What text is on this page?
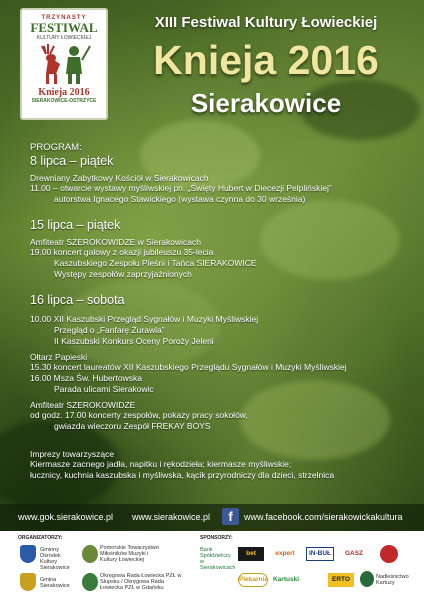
TRZYNASTY
FESTIWAL
KULTURY ŁOWIECKIEJ
Knieja 2016
SIERAKOWICE-OSTRZYCE
XIII Festiwal Kultury Łowieckiej
Knieja 2016
Sierakowice
PROGRAM:
8 lipca – piątek
Drewniany Zabytkowy Kościół w Sierakowicach
11.00 – otwarcie wystawy myśliwskiej pn. „Święty Hubert w Diecezji Pelplińskiej”
autorstwa Ignacego Stawickiego (wystawa czynna do 30 września)
15 lipca – piątek
Amfiteatr SZEROKOWIDZE w Sierakowicach
19.00 koncert galowy z okazji jubileuszu 35-lecia
Kaszubskiego Zespołu Pieśni i Tańca SIERAKOWICE
Występy zespołów zaprzyjaźnionych
16 lipca – sobota
10.00 XII Kaszubski Przegląd Sygnałów i Muzyki Myśliwskiej
Przegląd o „Fanfarę Żurawia”
II Kaszubski Konkurs Oceny Poroży Jeleni
Ołtarz Papieski
15.30 koncert laureatów XII Kaszubskiego Przeglądu Sygnałów i Muzyki Myśliwskiej
16.00 Msza Św. Hubertowska
Parada ulicami Sierakowic
Amfiteatr SZEROKOWIDZE
od godz. 17.00 koncerty zespołów, pokazy pracy sokołów,
gwiazda wieczoru Zespół FREKAY BOYS
Imprezy towarzyszące
Kiermasze zacnego jadła, napitku i rękodzieła; kiermasze myśliwskie;
łucznicy, kuchnia kaszubska i myśliwska, kącik przyrodniczy dla dzieci, strzelnica
www.gok.sierakowice.pl www.sierakowice.pl	f	www.facebook.com/sierakowickakultura
ORGANIZATORZY:	SPONSORZY:
Gminny Ośrodek Kultury Sierakowice
Pomorskie Towarzystwo Miłośników Muzyki i Kultury Łowieckiej
Gmina Sierakowice
Okręgowa Rada Łowiecka PZŁ w Słupsku / Okręgowa Rada Łowiecka PZŁ w Gdańsku
Bank Spółdzielczy w Sierakowicach
bet	expert	IN-BUŁ	GASZ
Piekarnia Kartuski	ERTO	Nadleśnictwo Kartuzy
